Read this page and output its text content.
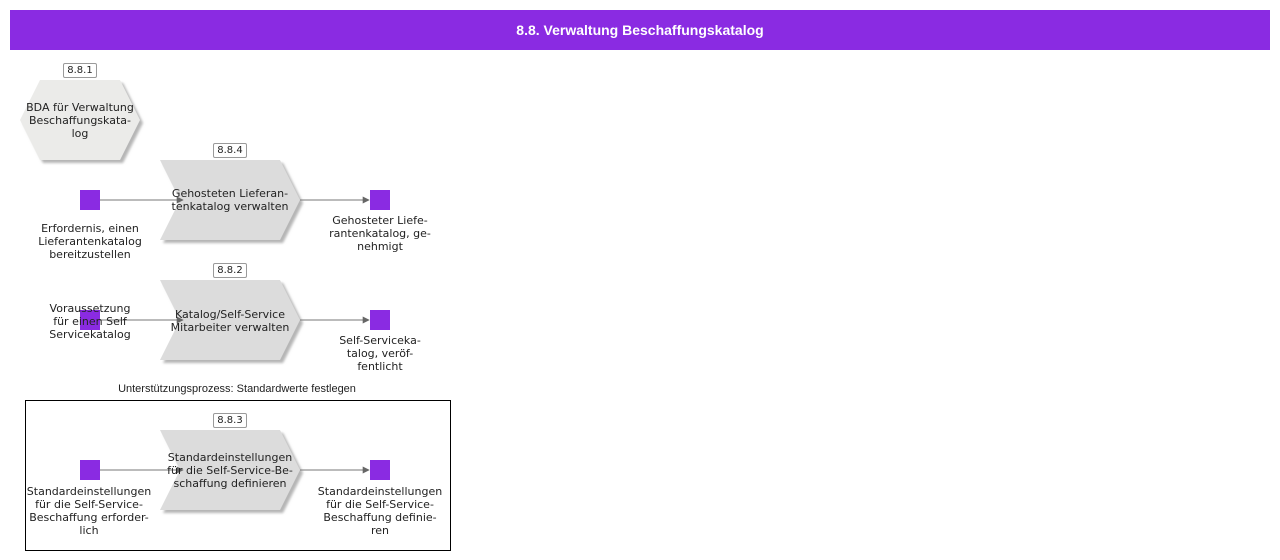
8.8. Verwaltung Beschaffungskatalog
8.8.1
BDA für Verwaltung Beschaffungskata-
log
8.8.4
Gehosteten Lieferan-
tenkatalog verwalten
Erfordernis, einen
Lieferantenkatalog
bereitzustellen
Gehosteter Liefe-
rantenkatalog, ge-
nehmigt
8.8.2
Katalog/Self-Service
Mitarbeiter verwalten
Voraussetzung
für einen Self
Servicekatalog	Self-Serviceka-
talog, veröf-
fentlicht
Unterstützungsprozess: Standardwerte festlegen
8.8.3
Standardeinstellungen
für die Self-Service-Be-
schaffung definieren
Standardeinstellungen
für die Self-Service-
Beschaffung erforder-
lich
Standardeinstellungen
für die Self-Service-
Beschaffung definie-
ren
